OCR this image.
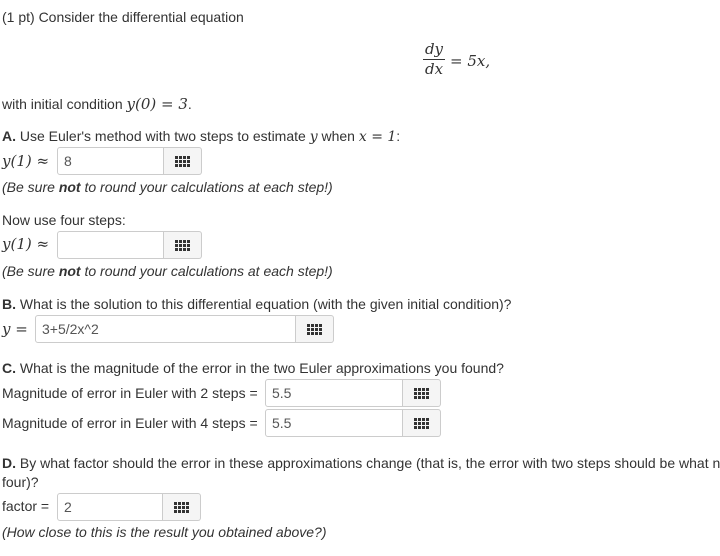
(1 pt) Consider the differential equation
dy
dx = 5x,
with initial condition y(0) = 3.
A. Use Euler's method with two steps to estimate y when x = 1:
y(1) ≈	8
(Be sure not to round your calculations at each step!)
Now use four steps:
y(1) ≈
(Be sure not to round your calculations at each step!)
B. What is the solution to this differential equation (with the given initial condition)?
y =	3+5/2x^2
C. What is the magnitude of the error in the two Euler approximations you found?
Magnitude of error in Euler with 2 steps =	5.5
Magnitude of error in Euler with 4 steps =	5.5
D. By what factor should the error in these approximations change (that is, the error with two steps should be what n
four)?
factor =	2
(How close to this is the result you obtained above?)
